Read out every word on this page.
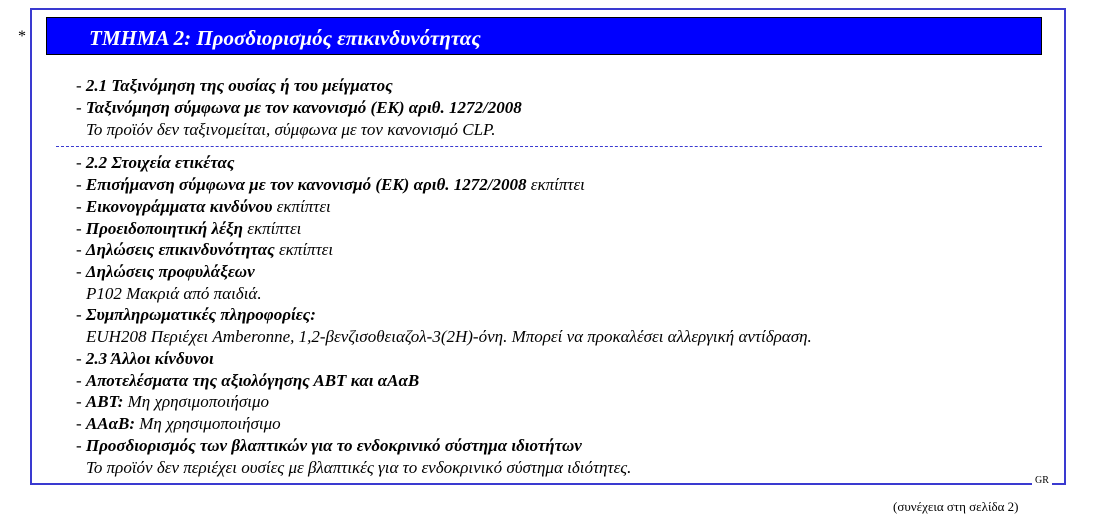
*	ΤΜΗΜΑ 2: Προσδιορισμός επικινδυνότητας
- 2.1 Ταξινόμηση της ουσίας ή του μείγματος
- Ταξινόμηση σύμφωνα με τον κανονισμό (ΕΚ) αριθ. 1272/2008
Το προϊόν δεν ταξινομείται, σύμφωνα με τον κανονισμό CLP.
- 2.2 Στοιχεία ετικέτας
- Επισήμανση σύμφωνα με τον κανονισμό (ΕΚ) αριθ. 1272/2008 εκπίπτει
- Εικονογράμματα κινδύνου εκπίπτει
- Προειδοποιητική λέξη εκπίπτει
- Δηλώσεις επικινδυνότητας εκπίπτει
- Δηλώσεις προφυλάξεων
P102 Μακριά από παιδιά.
- Συμπληρωματικές πληροφορίες:
EUH208 Περιέχει Amberonne, 1,2-βενζισοθειαζολ-3(2H)-όνη. Μπορεί να προκαλέσει αλλεργική αντίδραση.
- 2.3 Άλλοι κίνδυνοι
- Αποτελέσματα της αξιολόγησης ΑΒΤ και αΑαΒ
- ΑΒΤ: Μη χρησιμοποιήσιμο
- ΑΑαΒ: Μη χρησιμοποιήσιμο
- Προσδιορισμός των βλαπτικών για το ενδοκρινικό σύστημα ιδιοτήτων
Το προϊόν δεν περιέχει ουσίες με βλαπτικές για το ενδοκρινικό σύστημα ιδιότητες.
GR
(συνέχεια στη σελίδα 2)
